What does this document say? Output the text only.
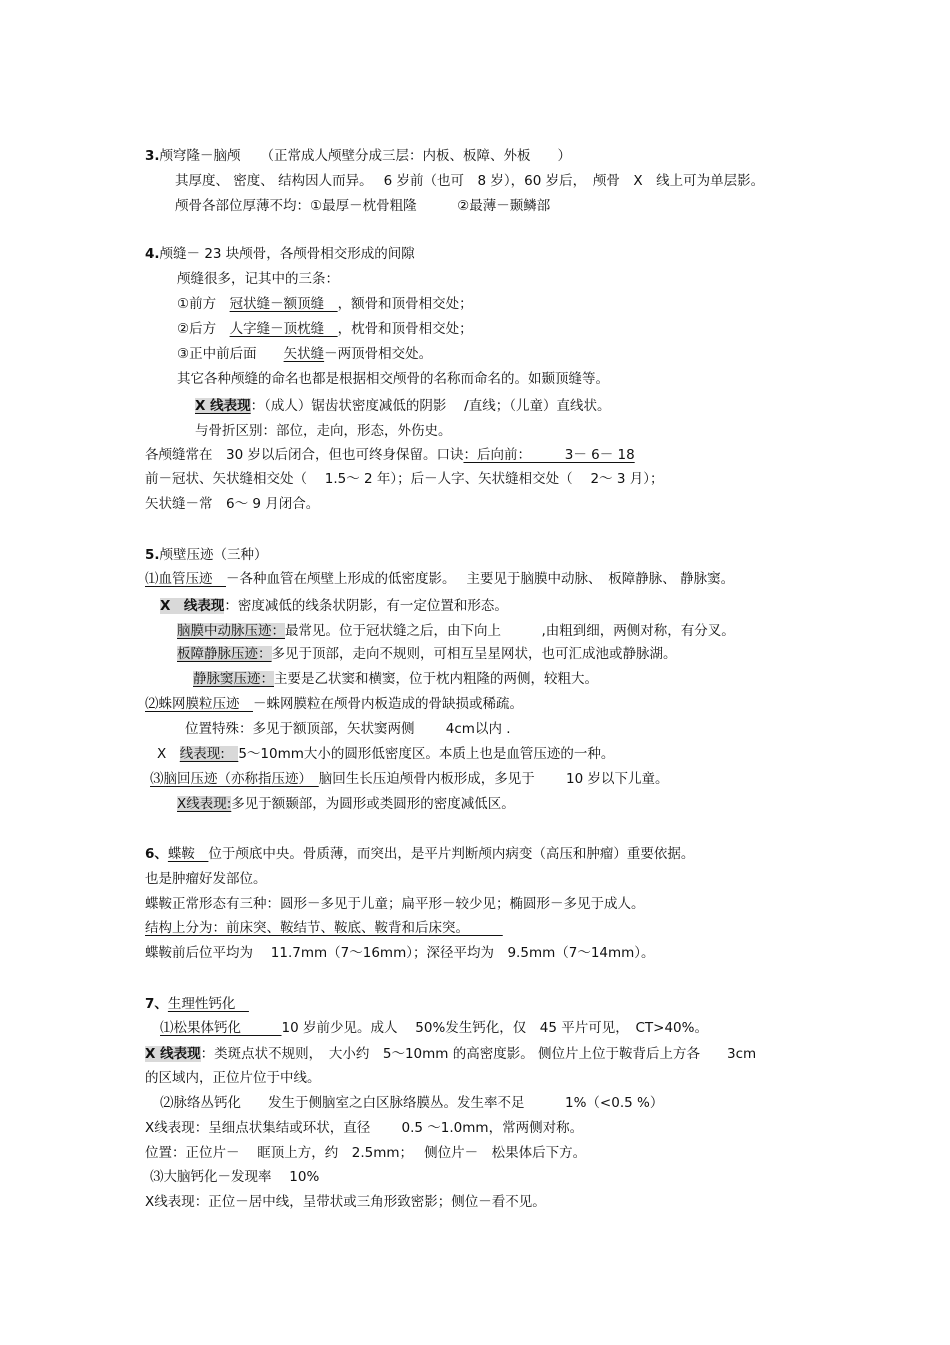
3.颅穹隆－脑颅 （正常成人颅壁分成三层：内板、板障、外板　　）
其厚度、 密度、 结构因人而异。　 6 岁前（也可　8 岁），60 岁后，　颅骨　X　线上可为单层影。
颅骨各部位厚薄不均：①最厚－枕骨粗隆　　　②最薄－颞鳞部
4.颅缝－ 23 块颅骨，各颅骨相交形成的间隙
颅缝很多，记其中的三条：
①前方　冠状缝－额顶缝　，额骨和顶骨相交处；
②后方　人字缝－顶枕缝　，枕骨和顶骨相交处；
③正中前后面　　矢状缝－两顶骨相交处。
其它各种颅缝的命名也都是根据相交颅骨的名称而命名的。如颞顶缝等。
X 线表现：（成人）锯齿状密度减低的阴影　 /直线；（儿童）直线状。
与骨折区别：部位，走向，形态，外伤史。
各颅缝常在　30 岁以后闭合，但也可终身保留。口诀：后向前：　　　3－ 6－ 18
前－冠状、矢状缝相交处（　 1.5～ 2 年）；后－人字、矢状缝相交处（　 2～ 3 月）；
矢状缝－常　6～ 9 月闭合。
5.颅壁压迹（三种）
⑴血管压迹　－各种血管在颅壁上形成的低密度影。　 主要见于脑膜中动脉、　板障静脉、 静脉窦。
X　线表现：密度减低的线条状阴影，有一定位置和形态。
脑膜中动脉压迹：最常见。位于冠状缝之后，由下向上　　　,由粗到细，两侧对称，有分叉。
板障静脉压迹：多见于顶部，走向不规则，可相互呈星网状，也可汇成池或静脉湖。
静脉窦压迹：主要是乙状窦和横窦，位于枕内粗隆的两侧，较粗大。
⑵蛛网膜粒压迹　－蛛网膜粒在颅骨内板造成的骨缺损或稀疏。
位置特殊：多见于额顶部，矢状窦两侧　　 4cm以内 .
X　线表现:　5～10mm大小的圆形低密度区。本质上也是血管压迹的一种。
⑶脑回压迹（亦称指压迹）　脑回生长压迫颅骨内板形成，多见于　　 10 岁以下儿童。
X线表现:多见于额颞部，为圆形或类圆形的密度减低区。
6、蝶鞍　位于颅底中央。骨质薄，而突出，是平片判断颅内病变（高压和肿瘤）重要依据。
也是肿瘤好发部位。
蝶鞍正常形态有三种：圆形－多见于儿童；扁平形－较少见；椭圆形－多见于成人。
结构上分为：前床突、鞍结节、鞍底、鞍背和后床突。　　　
蝶鞍前后位平均为　 11.7mm（7～16mm）；深径平均为　9.5mm（7～14mm）。
7、生理性钙化　
⑴松果体钙化　　　10 岁前少见。成人　 50%发生钙化，仅　45 平片可见，　CT>40%。
X 线表现：类斑点状不规则，　大小约　5～10mm 的高密度影。 侧位片上位于鞍背后上方各　　3cm
的区域内，正位片位于中线。
⑵脉络丛钙化　　发生于侧脑室之白区脉络膜丛。发生率不足　　　1%（<0.5 %）
X线表现：呈细点状集结或环状，直径　　 0.5 ～1.0mm，常两侧对称。
位置：正位片－　 眶顶上方，约　2.5mm；　 侧位片－　松果体后下方。
⑶大脑钙化－发现率　 10%
X线表现：正位－居中线，呈带状或三角形致密影；侧位－看不见。
